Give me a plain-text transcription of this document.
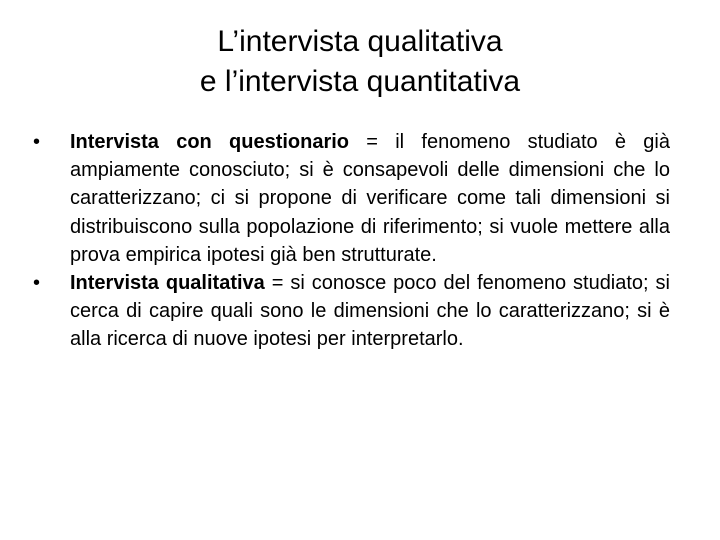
L’intervista qualitativa
e l’intervista quantitativa
•	Intervista con questionario = il fenomeno studiato è già ampiamente conosciuto; si è consapevoli delle dimensioni che lo caratterizzano; ci si propone di verificare come tali dimensioni si distribuiscono sulla popolazione di riferimento; si vuole mettere alla prova empirica ipotesi già ben strutturate.
•	Intervista qualitativa = si conosce poco del fenomeno studiato; si cerca di capire quali sono le dimensioni che lo caratterizzano; si è alla ricerca di nuove ipotesi per interpretarlo.
